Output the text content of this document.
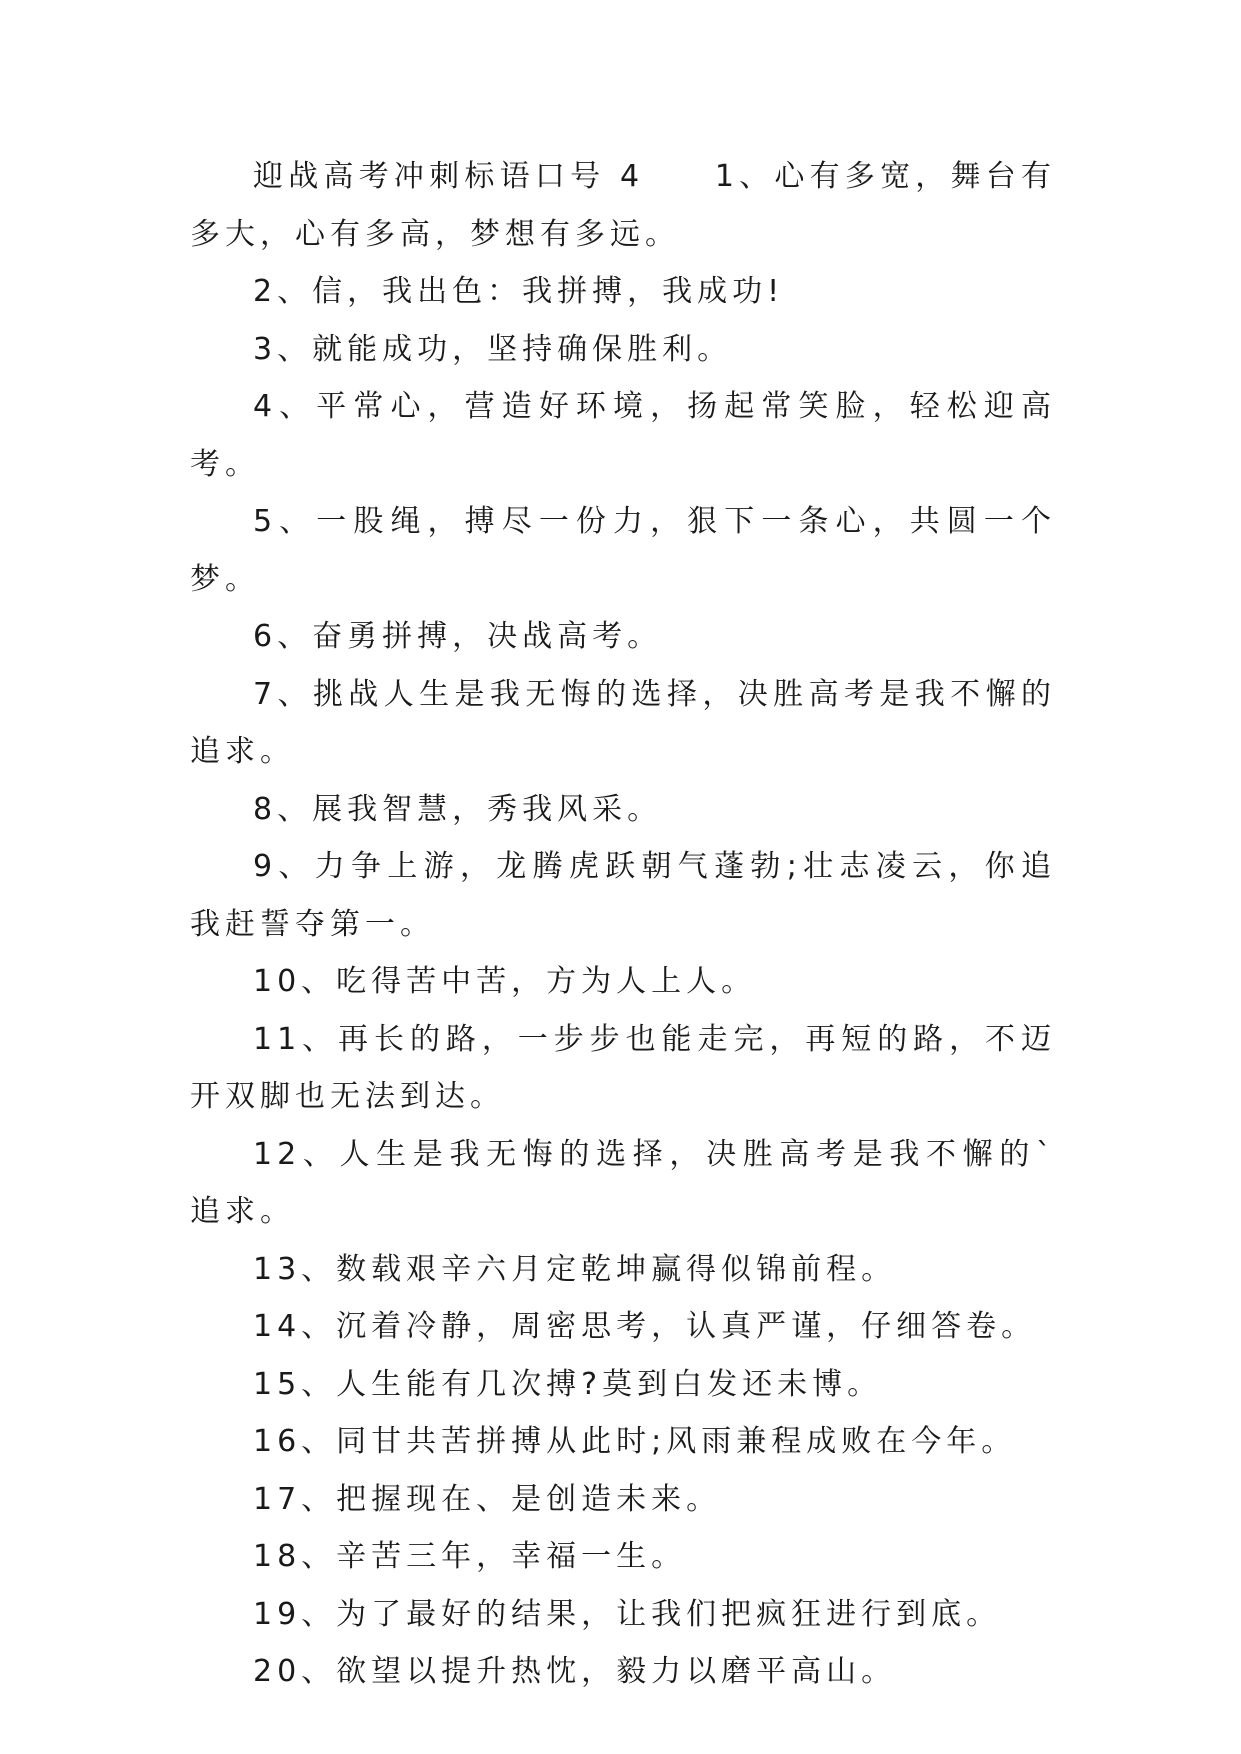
迎战高考冲刺标语口号 4　　1、心有多宽，舞台有多大，心有多高，梦想有多远。

2、信，我出色：我拼搏，我成功!

3、就能成功，坚持确保胜利。

4、平常心，营造好环境，扬起常笑脸，轻松迎高考。

5、一股绳，搏尽一份力，狠下一条心，共圆一个梦。

6、奋勇拼搏，决战高考。

7、挑战人生是我无悔的选择，决胜高考是我不懈的追求。

8、展我智慧，秀我风采。

9、力争上游，龙腾虎跃朝气蓬勃;壮志凌云，你追我赶誓夺第一。

10、吃得苦中苦，方为人上人。

11、再长的路，一步步也能走完，再短的路，不迈开双脚也无法到达。

12、人生是我无悔的选择，决胜高考是我不懈的`追求。

13、数载艰辛六月定乾坤赢得似锦前程。

14、沉着冷静，周密思考，认真严谨，仔细答卷。

15、人生能有几次搏?莫到白发还未博。

16、同甘共苦拼搏从此时;风雨兼程成败在今年。

17、把握现在、是创造未来。

18、辛苦三年，幸福一生。

19、为了最好的结果，让我们把疯狂进行到底。

20、欲望以提升热忱，毅力以磨平高山。
